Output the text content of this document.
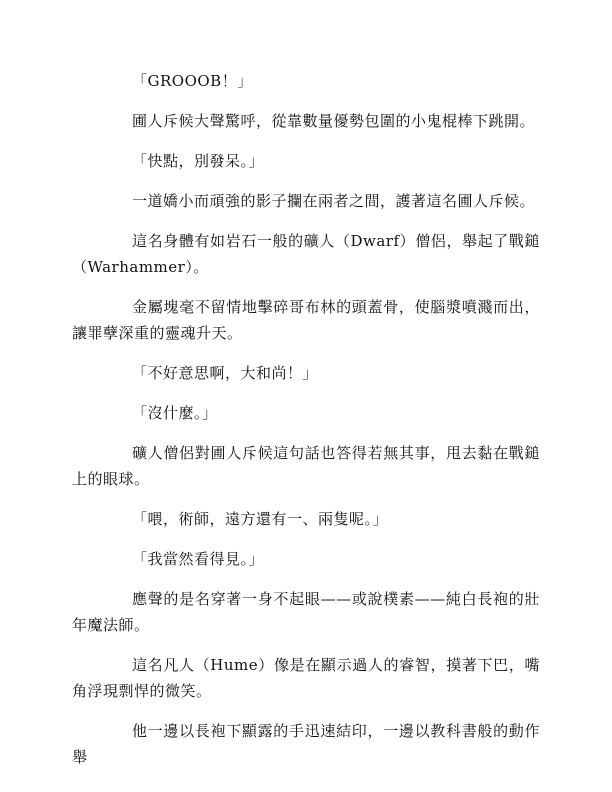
「GROOOB！」

圃人斥候大聲驚呼，從靠數量優勢包圍的小鬼棍棒下跳開。

「快點，別發呆。」

一道嬌小而頑強的影子攔在兩者之間，護著這名圃人斥候。

這名身體有如岩石一般的礦人（Dwarf）僧侶，舉起了戰鎚（Warhammer）。

金屬塊毫不留情地擊碎哥布林的頭蓋骨，使腦漿噴濺而出，讓罪孽深重的靈魂升天。

「不好意思啊，大和尚！」

「沒什麼。」

礦人僧侶對圃人斥候這句話也答得若無其事，甩去黏在戰鎚上的眼球。

「喂，術師，遠方還有一、兩隻呢。」

「我當然看得見。」

應聲的是名穿著一身不起眼——或說樸素——純白長袍的壯年魔法師。

這名凡人（Hume）像是在顯示過人的睿智，摸著下巴，嘴角浮現剽悍的微笑。

他一邊以長袍下顯露的手迅速結印，一邊以教科書般的動作舉
